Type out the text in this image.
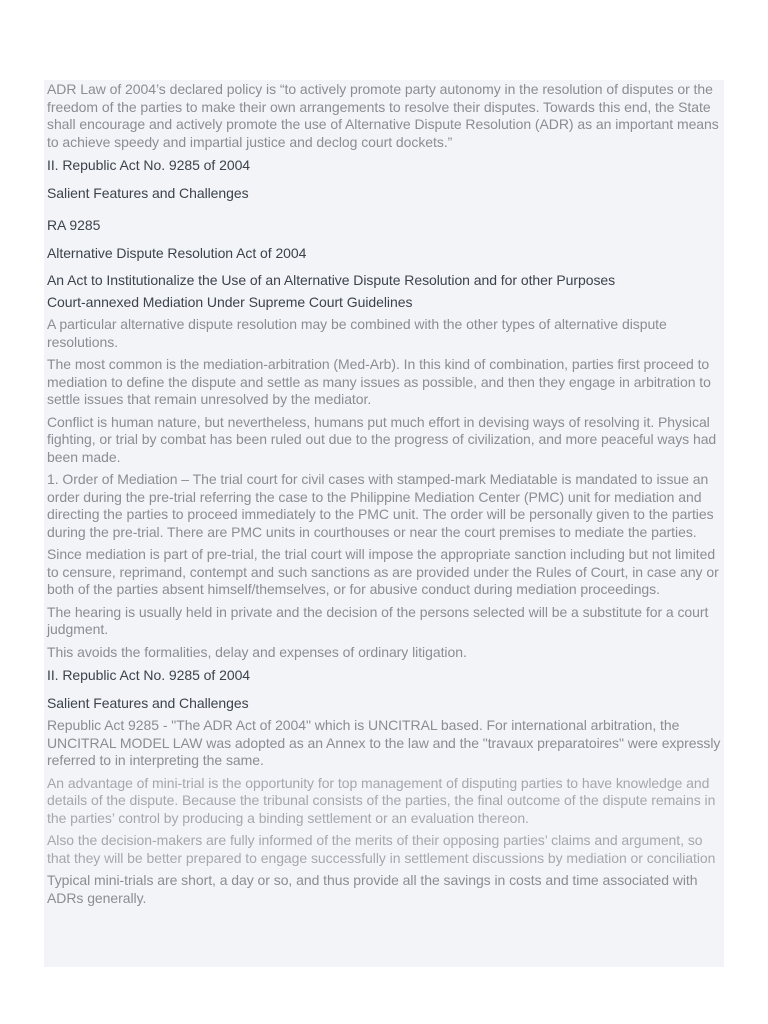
ADR Law of 2004’s declared policy is “to actively promote party autonomy in the resolution of disputes or the freedom of the parties to make their own arrangements to resolve their disputes. Towards this end, the State shall encourage and actively promote the use of Alternative Dispute Resolution (ADR) as an important means to achieve speedy and impartial justice and declog court dockets.”

II. Republic Act No. 9285 of 2004

Salient Features and Challenges

RA 9285

Alternative Dispute Resolution Act of 2004

An Act to Institutionalize the Use of an Alternative Dispute Resolution and for other Purposes

Court-annexed Mediation Under Supreme Court Guidelines

A particular alternative dispute resolution may be combined with the other types of alternative dispute resolutions.

The most common is the mediation-arbitration (Med-Arb). In this kind of combination, parties first proceed to mediation to define the dispute and settle as many issues as possible, and then they engage in arbitration to settle issues that remain unresolved by the mediator.

Conflict is human nature, but nevertheless, humans put much effort in devising ways of resolving it. Physical fighting, or trial by combat has been ruled out due to the progress of civilization, and more peaceful ways had been made.

1. Order of Mediation – The trial court for civil cases with stamped-mark Mediatable is mandated to issue an order during the pre-trial referring the case to the Philippine Mediation Center (PMC) unit for mediation and directing the parties to proceed immediately to the PMC unit. The order will be personally given to the parties during the pre-trial. There are PMC units in courthouses or near the court premises to mediate the parties.

Since mediation is part of pre-trial, the trial court will impose the appropriate sanction including but not limited to censure, reprimand, contempt and such sanctions as are provided under the Rules of Court, in case any or both of the parties absent himself/themselves, or for abusive conduct during mediation proceedings.

The hearing is usually held in private and the decision of the persons selected will be a substitute for a court judgment.

This avoids the formalities, delay and expenses of ordinary litigation.

II. Republic Act No. 9285 of 2004

Salient Features and Challenges

Republic Act 9285 - "The ADR Act of 2004" which is UNCITRAL based. For international arbitration, the UNCITRAL MODEL LAW was adopted as an Annex to the law and the "travaux preparatoires" were expressly referred to in interpreting the same.

An advantage of mini-trial is the opportunity for top management of disputing parties to have knowledge and details of the dispute. Because the tribunal consists of the parties, the final outcome of the dispute remains in the parties’ control by producing a binding settlement or an evaluation thereon.

Also the decision-makers are fully informed of the merits of their opposing parties’ claims and argument, so that they will be better prepared to engage successfully in settlement discussions by mediation or conciliation

Typical mini-trials are short, a day or so, and thus provide all the savings in costs and time associated with ADRs generally.
